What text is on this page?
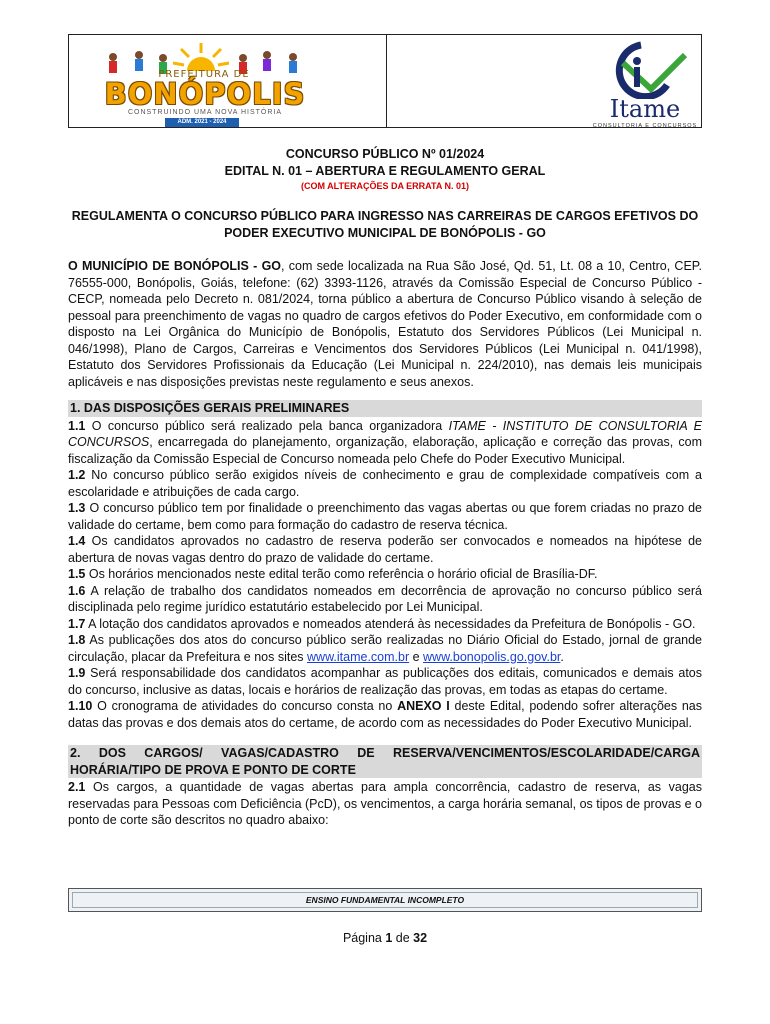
PREFEITURA DE
BONÓPOLIS
CONSTRUINDO UMA NOVA HISTÓRIA
ADM. 2021 - 2024	Itame
CONSULTORIA E CONCURSOS
CONCURSO PÚBLICO Nº 01/2024
EDITAL N. 01 – ABERTURA E REGULAMENTO GERAL
(COM ALTERAÇÕES DA ERRATA N. 01)
REGULAMENTA O CONCURSO PÚBLICO PARA INGRESSO NAS CARREIRAS DE CARGOS EFETIVOS DO PODER EXECUTIVO MUNICIPAL DE BONÓPOLIS - GO

O MUNICÍPIO DE BONÓPOLIS - GO, com sede localizada na Rua São José, Qd. 51, Lt. 08 a 10, Centro, CEP. 76555-000, Bonópolis, Goiás, telefone: (62) 3393-1126, através da Comissão Especial de Concurso Público - CECP, nomeada pelo Decreto n. 081/2024, torna público a abertura de Concurso Público visando à seleção de pessoal para preenchimento de vagas no quadro de cargos efetivos do Poder Executivo, em conformidade com o disposto na Lei Orgânica do Município de Bonópolis, Estatuto dos Servidores Públicos (Lei Municipal n. 046/1998), Plano de Cargos, Carreiras e Vencimentos dos Servidores Públicos (Lei Municipal n. 041/1998), Estatuto dos Servidores Profissionais da Educação (Lei Municipal n. 224/2010), nas demais leis municipais aplicáveis e nas disposições previstas neste regulamento e seus anexos.

1. DAS DISPOSIÇÕES GERAIS PRELIMINARES

1.1 O concurso público será realizado pela banca organizadora ITAME - INSTITUTO DE CONSULTORIA E CONCURSOS, encarregada do planejamento, organização, elaboração, aplicação e correção das provas, com fiscalização da Comissão Especial de Concurso nomeada pelo Chefe do Poder Executivo Municipal.

1.2 No concurso público serão exigidos níveis de conhecimento e grau de complexidade compatíveis com a escolaridade e atribuições de cada cargo.

1.3 O concurso público tem por finalidade o preenchimento das vagas abertas ou que forem criadas no prazo de validade do certame, bem como para formação do cadastro de reserva técnica.

1.4 Os candidatos aprovados no cadastro de reserva poderão ser convocados e nomeados na hipótese de abertura de novas vagas dentro do prazo de validade do certame.

1.5 Os horários mencionados neste edital terão como referência o horário oficial de Brasília-DF.

1.6 A relação de trabalho dos candidatos nomeados em decorrência de aprovação no concurso público será disciplinada pelo regime jurídico estatutário estabelecido por Lei Municipal.

1.7 A lotação dos candidatos aprovados e nomeados atenderá às necessidades da Prefeitura de Bonópolis - GO.

1.8 As publicações dos atos do concurso público serão realizadas no Diário Oficial do Estado, jornal de grande circulação, placar da Prefeitura e nos sites www.itame.com.br e www.bonopolis.go.gov.br.

1.9 Será responsabilidade dos candidatos acompanhar as publicações dos editais, comunicados e demais atos do concurso, inclusive as datas, locais e horários de realização das provas, em todas as etapas do certame.

1.10 O cronograma de atividades do concurso consta no ANEXO I deste Edital, podendo sofrer alterações nas datas das provas e dos demais atos do certame, de acordo com as necessidades do Poder Executivo Municipal.

2. DOS CARGOS/ VAGAS/CADASTRO DE RESERVA/VENCIMENTOS/ESCOLARIDADE/CARGA HORÁRIA/TIPO DE PROVA E PONTO DE CORTE

2.1 Os cargos, a quantidade de vagas abertas para ampla concorrência, cadastro de reserva, as vagas reservadas para Pessoas com Deficiência (PcD), os vencimentos, a carga horária semanal, os tipos de provas e o ponto de corte são descritos no quadro abaixo:

ENSINO FUNDAMENTAL INCOMPLETO
Página 1 de 32
